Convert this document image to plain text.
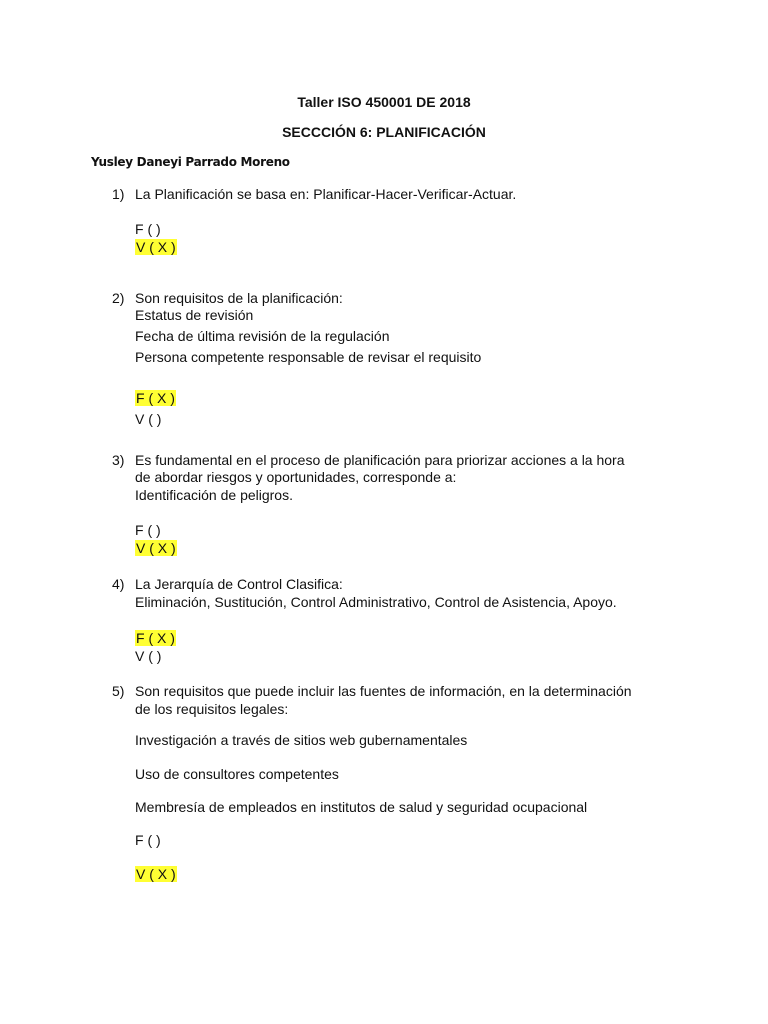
Taller ISO 450001 DE 2018
SECCCIÓN 6: PLANIFICACIÓN
Yusley Daneyi Parrado Moreno
1) La Planificación se basa en: Planificar-Hacer-Verificar-Actuar.
F ( )
V ( X )
2) Son requisitos de la planificación:
Estatus de revisión
Fecha de última revisión de la regulación
Persona competente responsable de revisar el requisito
F ( X )
V ( )
3) Es fundamental en el proceso de planificación para priorizar acciones a la hora
de abordar riesgos y oportunidades, corresponde a:
Identificación de peligros.
F ( )
V ( X )
4) La Jerarquía de Control Clasifica:
Eliminación, Sustitución, Control Administrativo, Control de Asistencia, Apoyo.
F ( X )
V ( )
5) Son requisitos que puede incluir las fuentes de información, en la determinación
de los requisitos legales:
Investigación a través de sitios web gubernamentales
Uso de consultores competentes
Membresía de empleados en institutos de salud y seguridad ocupacional
F ( )
V ( X )
